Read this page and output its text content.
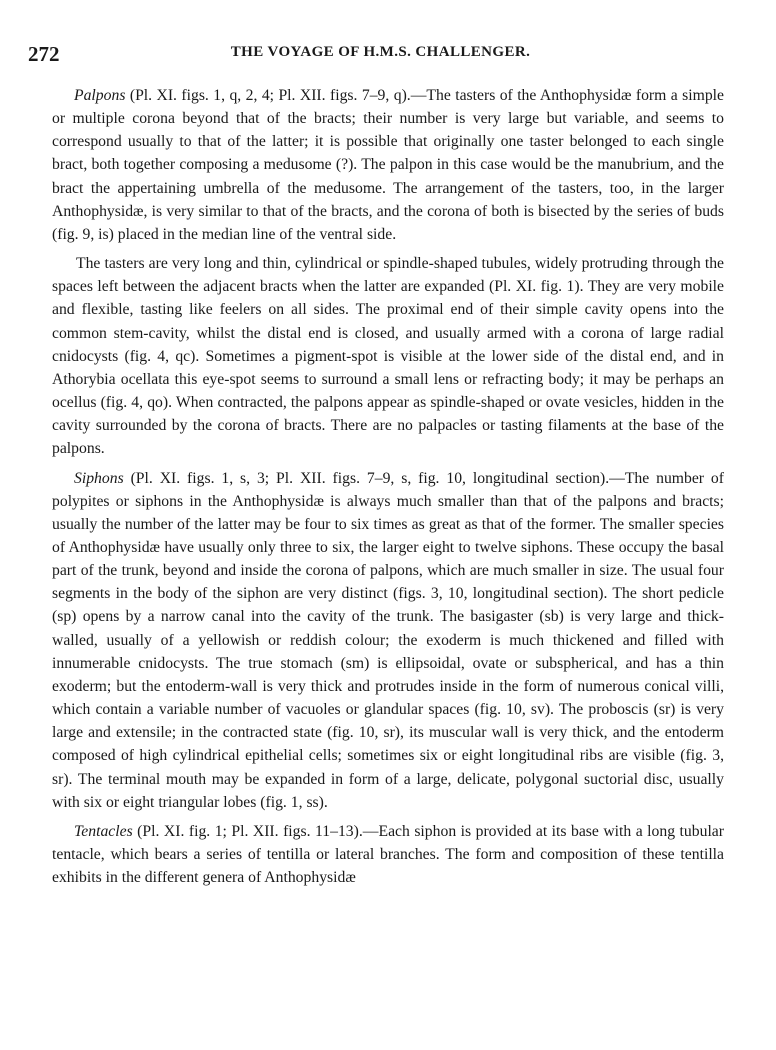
272	THE VOYAGE OF H.M.S. CHALLENGER.

Palpons (Pl. XI. figs. 1, q, 2, 4; Pl. XII. figs. 7–9, q).—The tasters of the Anthophysidæ form a simple or multiple corona beyond that of the bracts; their number is very large but variable, and seems to correspond usually to that of the latter; it is possible that originally one taster belonged to each single bract, both together composing a medusome (?). The palpon in this case would be the manubrium, and the bract the appertaining umbrella of the medusome. The arrangement of the tasters, too, in the larger Anthophysidæ, is very similar to that of the bracts, and the corona of both is bisected by the series of buds (fig. 9, is) placed in the median line of the ventral side.

The tasters are very long and thin, cylindrical or spindle-shaped tubules, widely protruding through the spaces left between the adjacent bracts when the latter are expanded (Pl. XI. fig. 1). They are very mobile and flexible, tasting like feelers on all sides. The proximal end of their simple cavity opens into the common stem-cavity, whilst the distal end is closed, and usually armed with a corona of large radial cnidocysts (fig. 4, qc). Sometimes a pigment-spot is visible at the lower side of the distal end, and in Athorybia ocellata this eye-spot seems to surround a small lens or refracting body; it may be perhaps an ocellus (fig. 4, qo). When contracted, the palpons appear as spindle-shaped or ovate vesicles, hidden in the cavity surrounded by the corona of bracts. There are no palpacles or tasting filaments at the base of the palpons.

Siphons (Pl. XI. figs. 1, s, 3; Pl. XII. figs. 7–9, s, fig. 10, longitudinal section).—The number of polypites or siphons in the Anthophysidæ is always much smaller than that of the palpons and bracts; usually the number of the latter may be four to six times as great as that of the former. The smaller species of Anthophysidæ have usually only three to six, the larger eight to twelve siphons. These occupy the basal part of the trunk, beyond and inside the corona of palpons, which are much smaller in size. The usual four segments in the body of the siphon are very distinct (figs. 3, 10, longitudinal section). The short pedicle (sp) opens by a narrow canal into the cavity of the trunk. The basigaster (sb) is very large and thick-walled, usually of a yellowish or reddish colour; the exoderm is much thickened and filled with innumerable cnidocysts. The true stomach (sm) is ellipsoidal, ovate or subspherical, and has a thin exoderm; but the entoderm-wall is very thick and protrudes inside in the form of numerous conical villi, which contain a variable number of vacuoles or glandular spaces (fig. 10, sv). The proboscis (sr) is very large and extensile; in the contracted state (fig. 10, sr), its muscular wall is very thick, and the entoderm composed of high cylindrical epithelial cells; sometimes six or eight longitudinal ribs are visible (fig. 3, sr). The terminal mouth may be expanded in form of a large, delicate, polygonal suctorial disc, usually with six or eight triangular lobes (fig. 1, ss).

Tentacles (Pl. XI. fig. 1; Pl. XII. figs. 11–13).—Each siphon is provided at its base with a long tubular tentacle, which bears a series of tentilla or lateral branches. The form and composition of these tentilla exhibits in the different genera of Anthophysidæ
